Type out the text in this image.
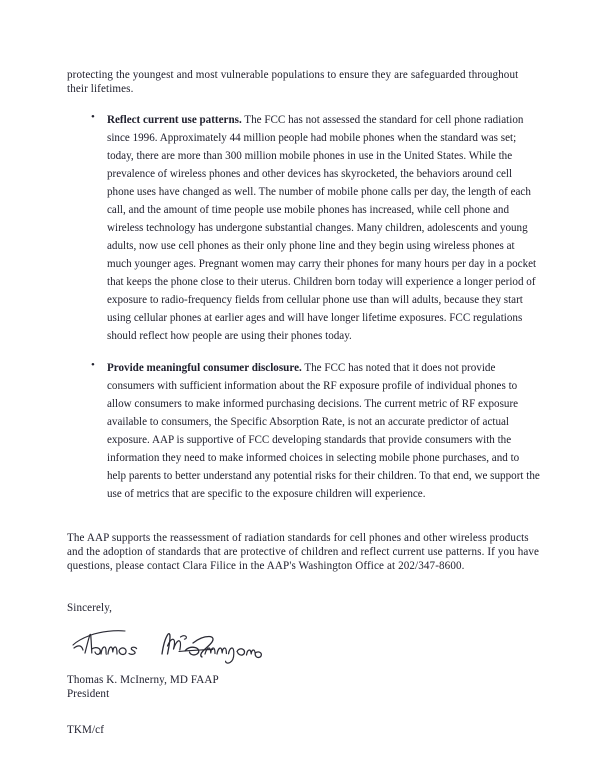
protecting the youngest and most vulnerable populations to ensure they are safeguarded throughout their lifetimes.

• Reflect current use patterns. The FCC has not assessed the standard for cell phone radiation since 1996. Approximately 44 million people had mobile phones when the standard was set; today, there are more than 300 million mobile phones in use in the United States. While the prevalence of wireless phones and other devices has skyrocketed, the behaviors around cell phone uses have changed as well. The number of mobile phone calls per day, the length of each call, and the amount of time people use mobile phones has increased, while cell phone and wireless technology has undergone substantial changes. Many children, adolescents and young adults, now use cell phones as their only phone line and they begin using wireless phones at much younger ages. Pregnant women may carry their phones for many hours per day in a pocket that keeps the phone close to their uterus. Children born today will experience a longer period of exposure to radio-frequency fields from cellular phone use than will adults, because they start using cellular phones at earlier ages and will have longer lifetime exposures. FCC regulations should reflect how people are using their phones today.
• Provide meaningful consumer disclosure. The FCC has noted that it does not provide consumers with sufficient information about the RF exposure profile of individual phones to allow consumers to make informed purchasing decisions. The current metric of RF exposure available to consumers, the Specific Absorption Rate, is not an accurate predictor of actual exposure. AAP is supportive of FCC developing standards that provide consumers with the information they need to make informed choices in selecting mobile phone purchases, and to help parents to better understand any potential risks for their children. To that end, we support the use of metrics that are specific to the exposure children will experience.

The AAP supports the reassessment of radiation standards for cell phones and other wireless products and the adoption of standards that are protective of children and reflect current use patterns. If you have questions, please contact Clara Filice in the AAP's Washington Office at 202/347-8600.

Sincerely,

Thomas K. McInerny, MD FAAP

President

TKM/cf
